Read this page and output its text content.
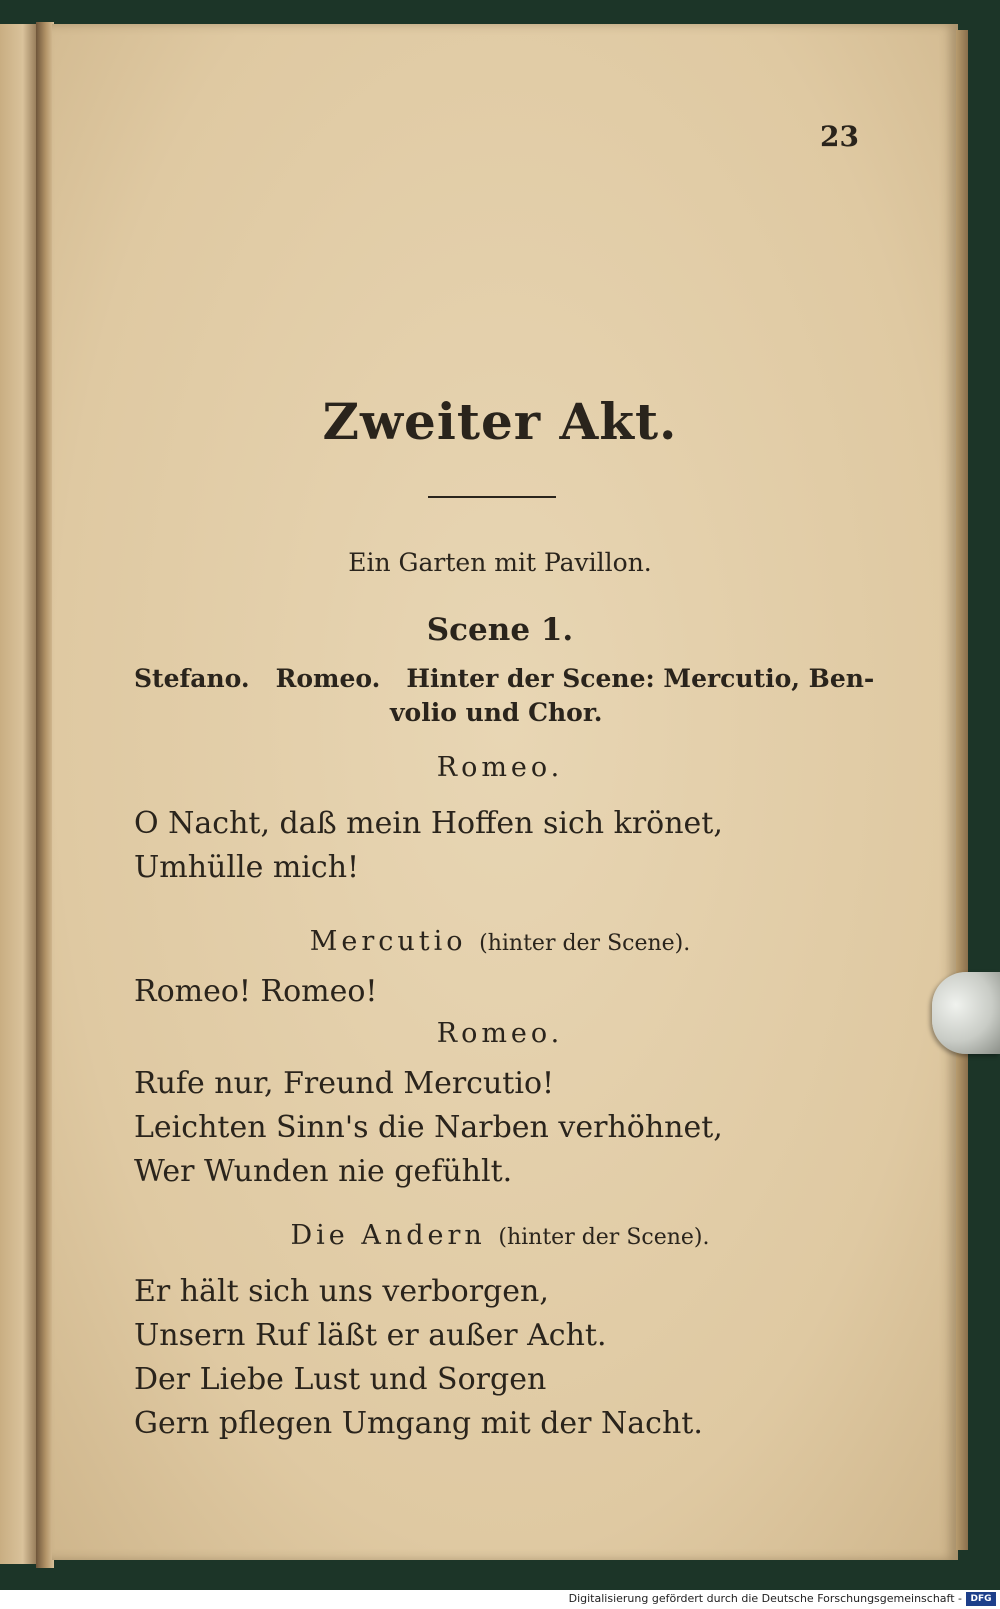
23
Zweiter Akt.
Ein Garten mit Pavillon.
Scene 1.
Stefano. Romeo. Hinter der Scene: Mercutio, Ben-
volio und Chor.
Romeo.
O Nacht, daß mein Hoffen sich krönet,
Umhülle mich!
Mercutio (hinter der Scene).
Romeo! Romeo!
Romeo.
Rufe nur, Freund Mercutio!
Leichten Sinn's die Narben verhöhnet,
Wer Wunden nie gefühlt.
Die Andern (hinter der Scene).
Er hält sich uns verborgen,
Unsern Ruf läßt er außer Acht.
Der Liebe Lust und Sorgen
Gern pflegen Umgang mit der Nacht.
Digitalisierung gefördert durch die Deutsche Forschungsgemeinschaft - DFG
